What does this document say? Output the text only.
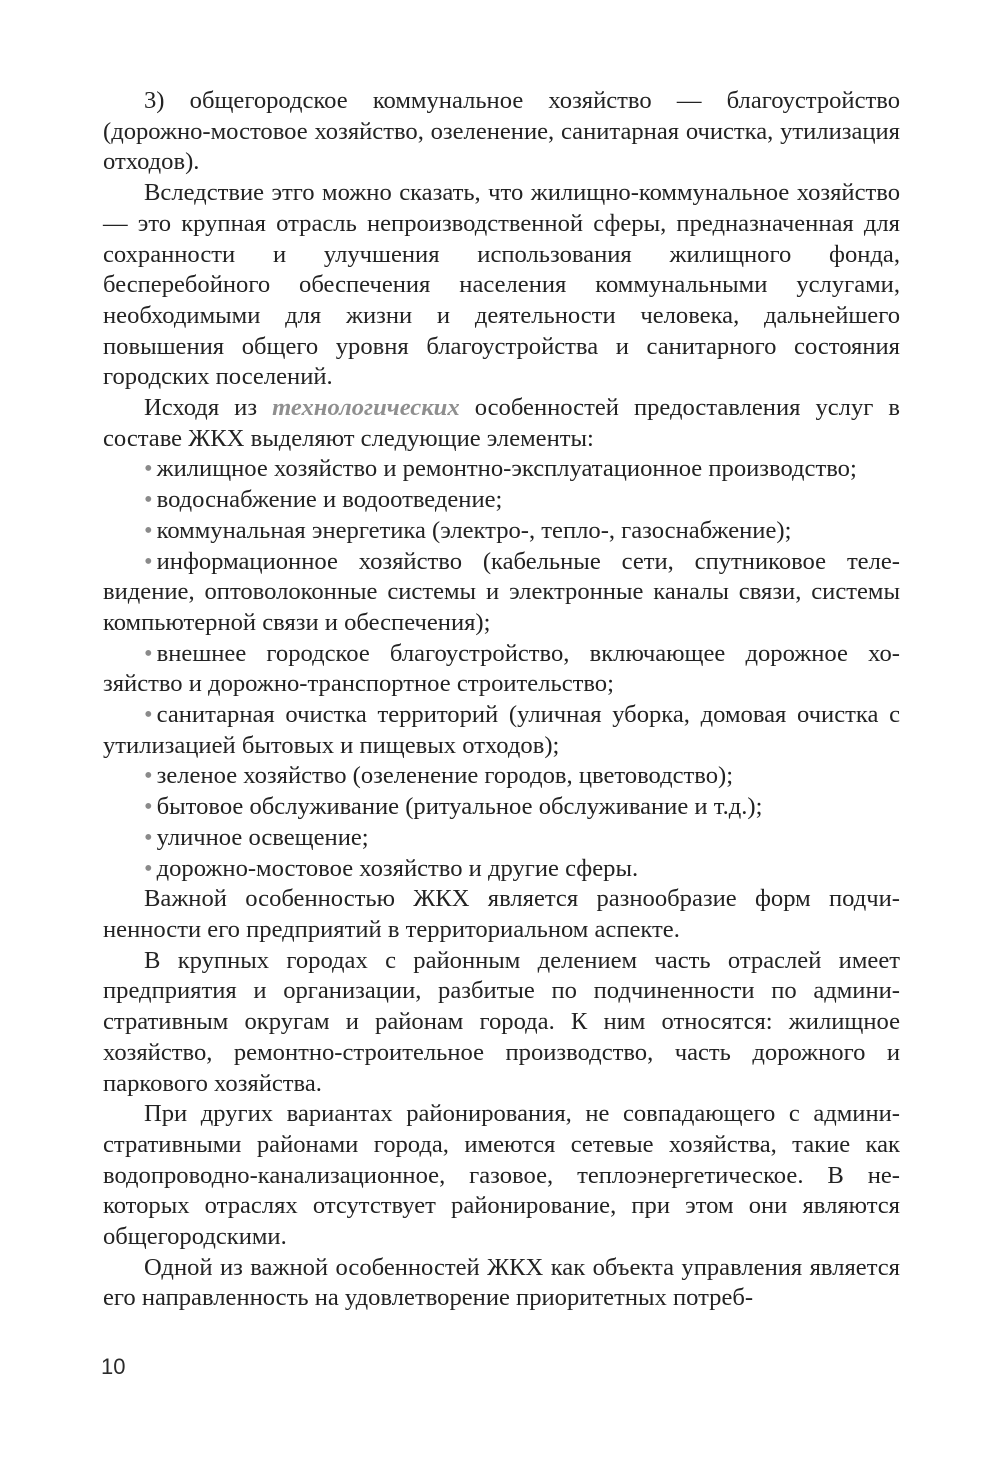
3) общегородское коммунальное хозяйство — благоустройство (дорожно-мостовое хозяйство, озеленение, санитарная очистка, утилизация отходов).

Вследствие этго можно сказать, что жилищно-коммунальное хозяйство — это крупная отрасль непроизводственной сферы, предназначенная для сохранности и улучшения использования жилищного фонда, бесперебойного обеспечения населения коммунальными услугами, необходимыми для жизни и деятельности человека, дальнейшего повышения общего уровня благоустройства и санитарного состояния городских поселений.

Исходя из технологических особенностей предоставления услуг в составе ЖКХ выделяют следующие элементы:

• жилищное хозяйство и ремонтно-эксплуатационное производство;

• водоснабжение и водоотведение;

• коммунальная энергетика (электро-, тепло-, газоснабжение);

• информационное хозяйство (кабельные сети, спутниковое телевидение, оптоволоконные системы и электронные каналы связи, системы компьютерной связи и обеспечения);

• внешнее городское благоустройство, включающее дорожное хозяйство и дорожно-транспортное строительство;

• санитарная очистка территорий (уличная уборка, домовая очистка с утилизацией бытовых и пищевых отходов);

• зеленое хозяйство (озеленение городов, цветоводство);

• бытовое обслуживание (ритуальное обслуживание и т.д.);

• уличное освещение;

• дорожно-мостовое хозяйство и другие сферы.

Важной особенностью ЖКХ является разнообразие форм подчиненности его предприятий в территориальном аспекте.

В крупных городах с районным делением часть отраслей имеет предприятия и организации, разбитые по подчиненности по административным округам и районам города. К ним относятся: жилищное хозяйство, ремонтно-строительное производство, часть дорожного и паркового хозяйства.

При других вариантах районирования, не совпадающего с административными районами города, имеются сетевые хозяйства, такие как водопроводно-канализационное, газовое, теплоэнергетическое. В некоторых отраслях отсутствует районирование, при этом они являются общегородскими.

Одной из важной особенностей ЖКХ как объекта управления является его направленность на удовлетворение приоритетных потреб-

10
